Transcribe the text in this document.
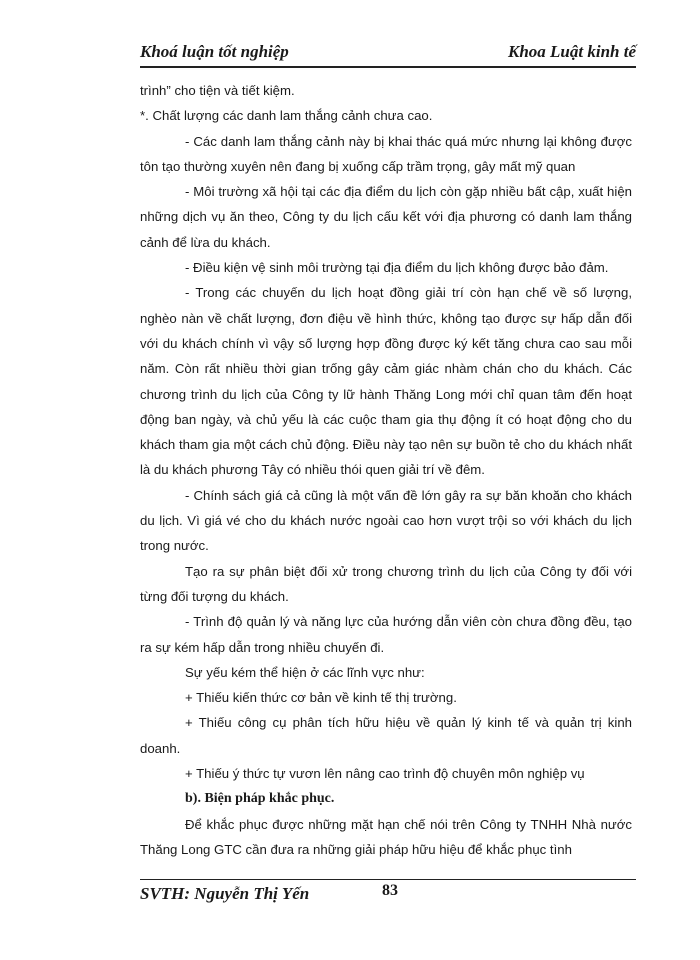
Khoá luận tốt nghiệp	Khoa Luật kinh tế

trình” cho tiện và tiết kiệm.

*. Chất lượng các danh lam thắng cảnh chưa cao.

- Các danh lam thắng cảnh này bị khai thác quá mức nhưng lại không được tôn tạo thường xuyên nên đang bị xuống cấp trầm trọng, gây mất mỹ quan

- Môi trường xã hội tại các địa điểm du lịch còn gặp nhiều bất cập, xuất hiện những dịch vụ ăn theo, Công ty du lịch cấu kết với địa phương có danh lam thắng cảnh để lừa du khách.

- Điều kiện vệ sinh môi trường tại địa điểm du lịch không được bảo đảm.

- Trong các chuyến du lịch hoạt đồng giải trí còn hạn chế về số lượng, nghèo nàn về chất lượng, đơn điệu về hình thức, không tạo được sự hấp dẫn đối với du khách chính vì vậy số lượng hợp đồng được ký kết tăng chưa cao sau mỗi năm. Còn rất nhiều thời gian trống gây cảm giác nhàm chán cho du khách. Các chương trình du lịch của Công ty lữ hành Thăng Long mới chỉ quan tâm đến hoạt động ban ngày, và chủ yếu là các cuộc tham gia thụ động ít có hoạt động cho du khách tham gia một cách chủ động. Điều này tạo nên sự buồn tẻ cho du khách nhất là du khách phương Tây có nhiều thói quen giải trí về đêm.

- Chính sách giá cả cũng là một vấn đề lớn gây ra sự băn khoăn cho khách du lịch. Vì giá vé cho du khách nước ngoài cao hơn vượt trội so với khách du lịch trong nước.

Tạo ra sự phân biệt đối xử trong chương trình du lịch của Công ty đối với từng đối tượng du khách.

- Trình độ quản lý và năng lực của hướng dẫn viên còn chưa đồng đều, tạo ra sự kém hấp dẫn trong nhiều chuyến đi.

Sự yếu kém thể hiện ở các lĩnh vực như:

+ Thiếu kiến thức cơ bản về kinh tế thị trường.

+ Thiếu công cụ phân tích hữu hiệu về quản lý kinh tế và quản trị kinh doanh.

+ Thiếu ý thức tự vươn lên nâng cao trình độ chuyên môn nghiệp vụ

b). Biện pháp khắc phục.

Để khắc phục được những mặt hạn chế nói trên Công ty TNHH Nhà nước Thăng Long GTC cần đưa ra những giải pháp hữu hiệu để khắc phục tình

SVTH: Nguyễn Thị Yến	83
